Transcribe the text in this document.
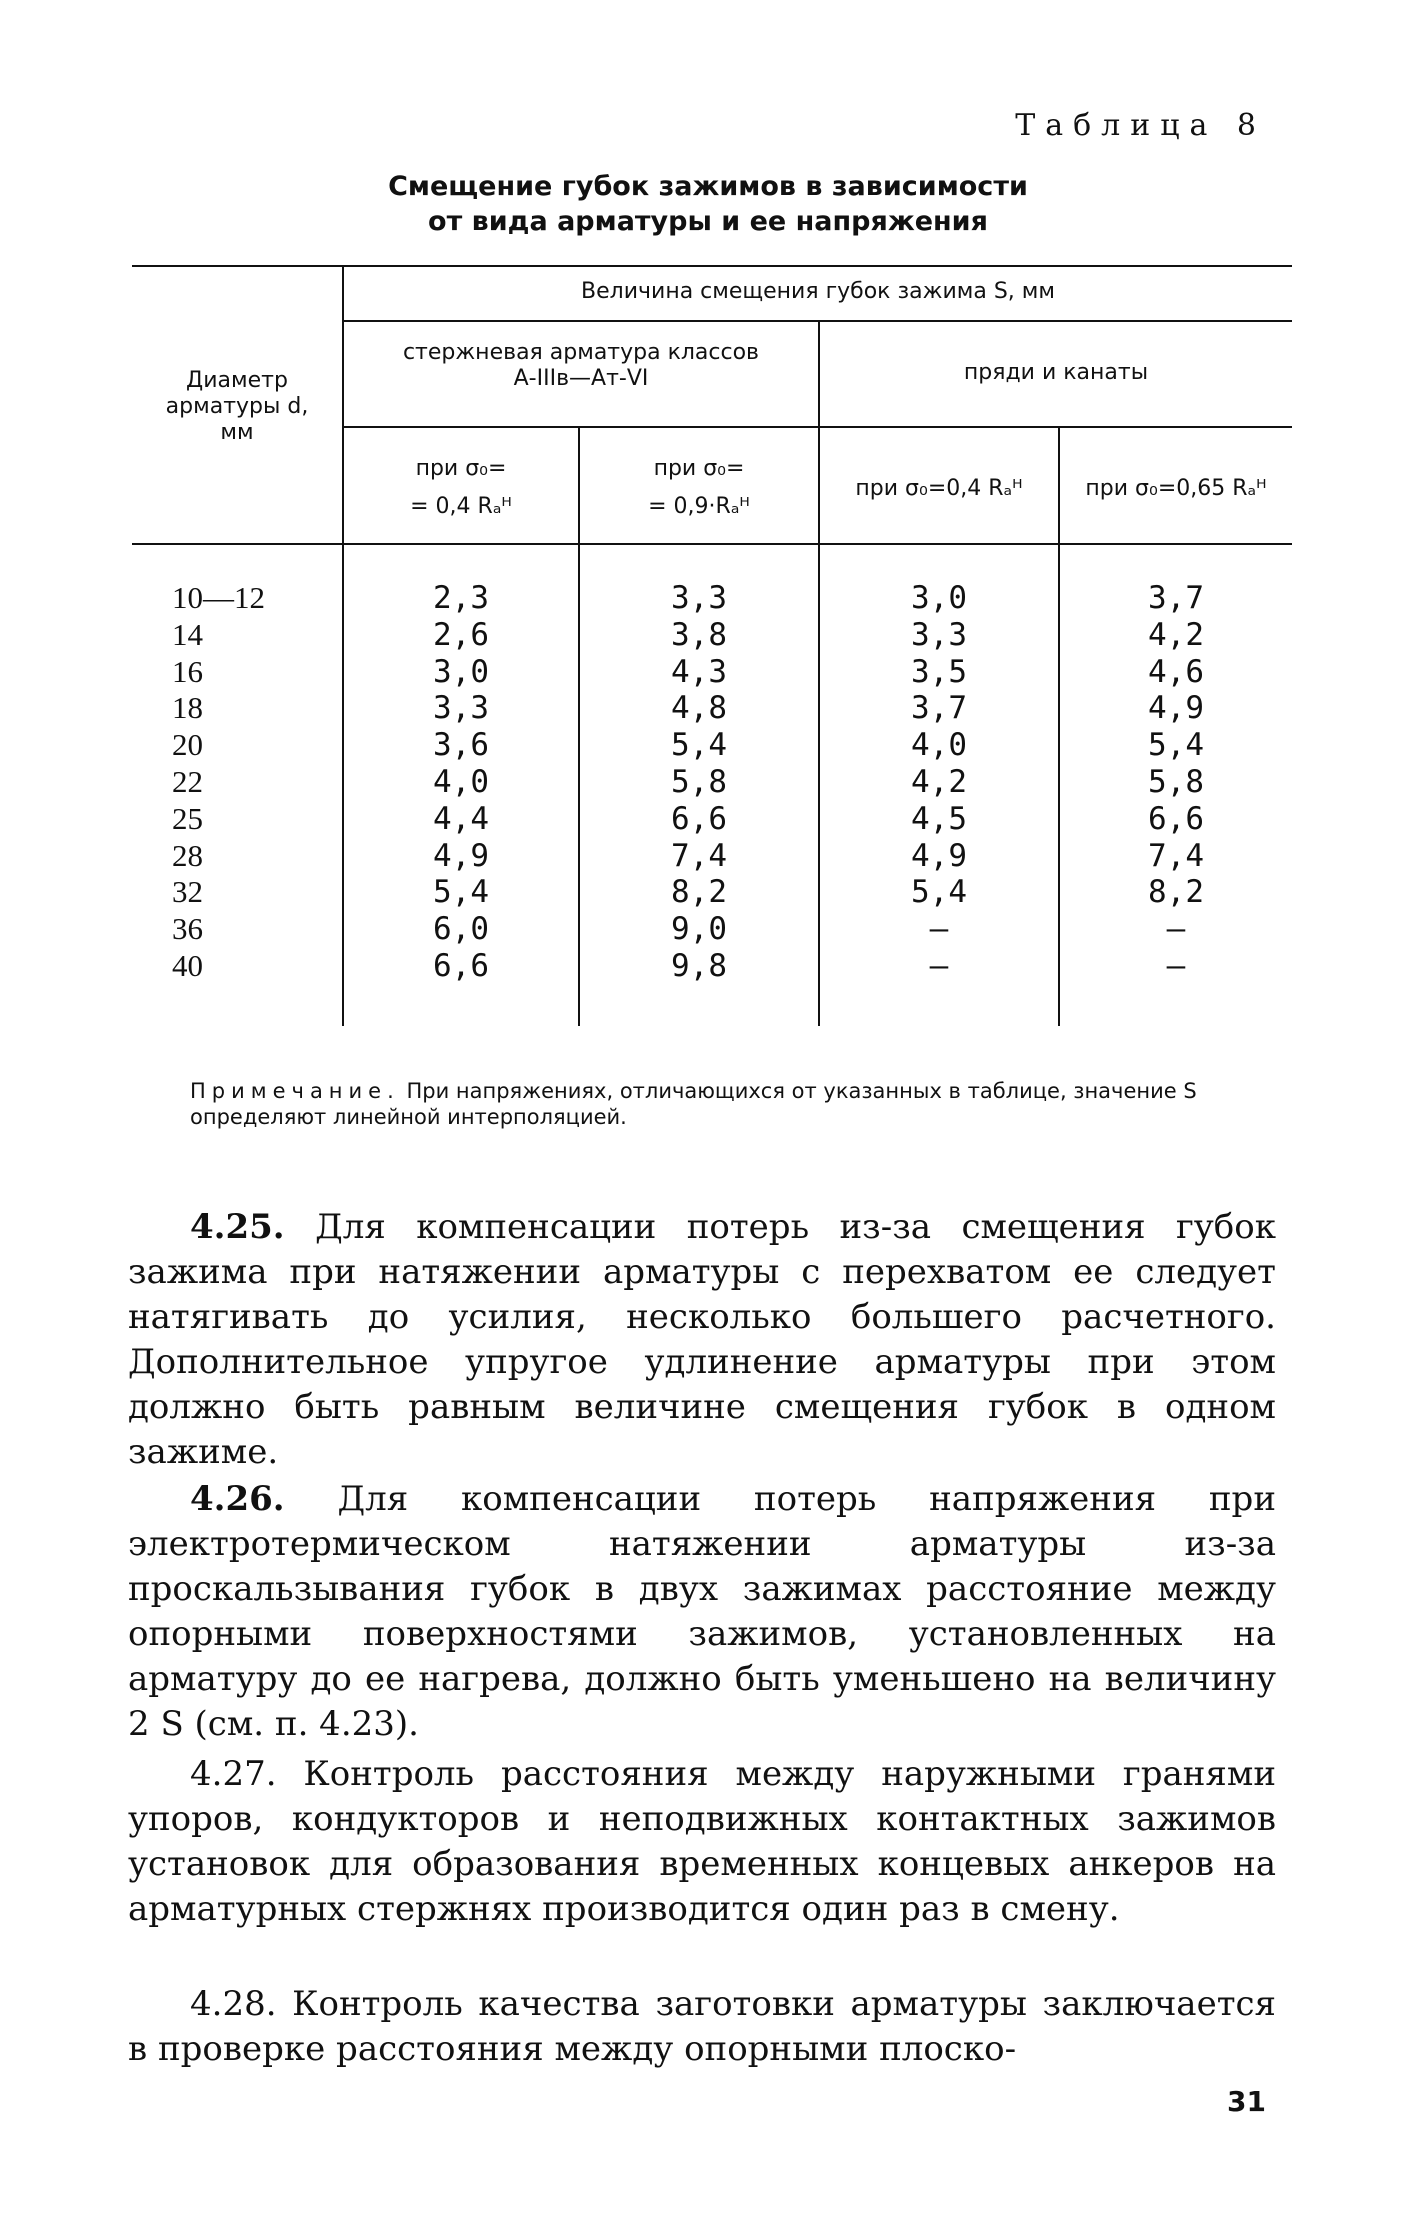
Таблица 8
Смещение губок зажимов в зависимости
от вида арматуры и ее напряжения
Диаметр
арматуры d,
мм
Величина смещения губок зажима S, мм
стержневая арматура классов
А-IIIв—Ат-VI	пряди и канаты
при σ₀=
= 0,4 Rₐᴴ
при σ₀=
= 0,9·Rₐᴴ
при σ₀=0,4 Rₐᴴ	при σ₀=0,65 Rₐᴴ
10—12
14
16
18
20
22
25
28
32
36
40
2,3
2,6
3,0
3,3
3,6
4,0
4,4
4,9
5,4
6,0
6,6
3,3
3,8
4,3
4,8
5,4
5,8
6,6
7,4
8,2
9,0
9,8
3,0
3,3
3,5
3,7
4,0
4,2
4,5
4,9
5,4
—
—
3,7
4,2
4,6
4,9
5,4
5,8
6,6
7,4
8,2
—
—
Примечание. При напряжениях, отличающихся от указанных в таблице, значение S определяют линейной интерполяцией.

4.25. Для компенсации потерь из-за смещения губок зажима при натяжении арматуры с перехватом ее следует натягивать до усилия, несколько большего расчетного. Дополнительное упругое удлинение арматуры при этом должно быть равным величине смещения губок в одном зажиме.

4.26. Для компенсации потерь напряжения при электротермическом натяжении арматуры из-за проскальзывания губок в двух зажимах расстояние между опорными поверхностями зажимов, установленных на арматуру до ее нагрева, должно быть уменьшено на величину 2 S (см. п. 4.23).

4.27. Контроль расстояния между наружными гранями упоров, кондукторов и неподвижных контактных зажимов установок для образования временных концевых анкеров на арматурных стержнях производится один раз в смену.

4.28. Контроль качества заготовки арматуры заключается в проверке расстояния между опорными плоско-

31
